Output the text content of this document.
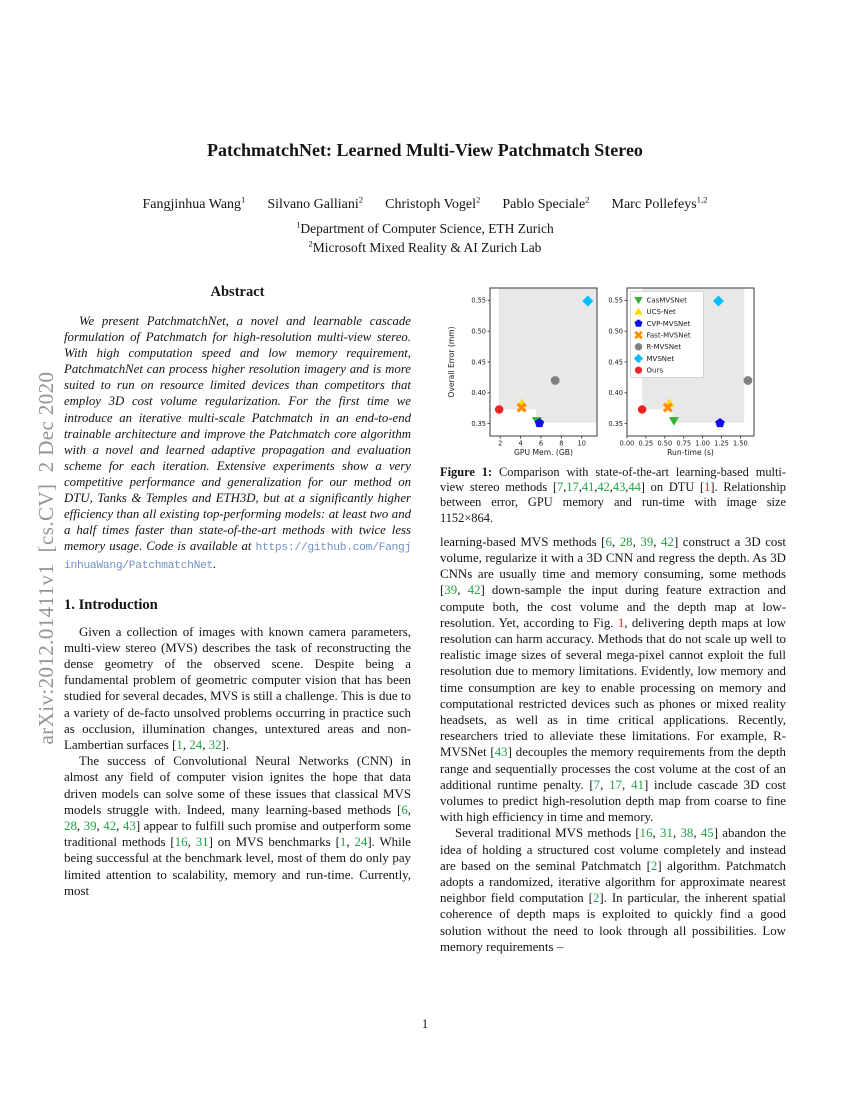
arXiv:2012.01411v1  [cs.CV]  2 Dec 2020
PatchmatchNet: Learned Multi-View Patchmatch Stereo
Fangjinhua Wang$^1$ Silvano Galliani$^2$ Christoph Vogel$^2$ Pablo Speciale$^2$ Marc Pollefeys$^{1,2}$
$^1$Department of Computer Science, ETH Zurich
$^2$Microsoft Mixed Reality & AI Zurich Lab
Abstract

We present PatchmatchNet, a novel and learnable cascade formulation of Patchmatch for high-resolution multi-view stereo. With high computation speed and low memory requirement, PatchmatchNet can process higher resolution imagery and is more suited to run on resource limited devices than competitors that employ 3D cost volume regularization. For the first time we introduce an iterative multi-scale Patchmatch in an end-to-end trainable architecture and improve the Patchmatch core algorithm with a novel and learned adaptive propagation and evaluation scheme for each iteration. Extensive experiments show a very competitive performance and generalization for our method on DTU, Tanks & Temples and ETH3D, but at a significantly higher efficiency than all existing top-performing models: at least two and a half times faster than state-of-the-art methods with twice less memory usage. Code is available at https://github.com/FangjinhuaWang/PatchmatchNet.

1. Introduction

Given a collection of images with known camera parameters, multi-view stereo (MVS) describes the task of reconstructing the dense geometry of the observed scene. Despite being a fundamental problem of geometric computer vision that has been studied for several decades, MVS is still a challenge. This is due to a variety of de-facto unsolved problems occurring in practice such as occlusion, illumination changes, untextured areas and non-Lambertian surfaces [1, 24, 32].

The success of Convolutional Neural Networks (CNN) in almost any field of computer vision ignites the hope that data driven models can solve some of these issues that classical MVS models struggle with. Indeed, many learning-based methods [6, 28, 39, 42, 43] appear to fulfill such promise and outperform some traditional methods [16, 31] on MVS benchmarks [1, 24]. While being successful at the benchmark level, most of them do only pay limited attention to scalability, memory and run-time. Currently, most

2 4 6 8 10
0.35
0.40
0.45
0.50
0.55
GPU Mem. (GB)
Overall Error (mm)
0.00 0.25 0.50 0.75 1.00 1.25 1.50
0.35
0.40
0.45
0.50
0.55
Run-time (s)
CasMVSNet
UCS-Net
CVP-MVSNet
Fast-MVSNet
R-MVSNet
MVSNet
Ours

Figure 1: Comparison with state-of-the-art learning-based multi-view stereo methods [7,17,41,42,43,44] on DTU [1]. Relationship between error, GPU memory and run-time with image size 1152×864.

learning-based MVS methods [6, 28, 39, 42] construct a 3D cost volume, regularize it with a 3D CNN and regress the depth. As 3D CNNs are usually time and memory consuming, some methods [39, 42] down-sample the input during feature extraction and compute both, the cost volume and the depth map at low-resolution. Yet, according to Fig. 1, delivering depth maps at low resolution can harm accuracy. Methods that do not scale up well to realistic image sizes of several mega-pixel cannot exploit the full resolution due to memory limitations. Evidently, low memory and time consumption are key to enable processing on memory and computational restricted devices such as phones or mixed reality headsets, as well as in time critical applications. Recently, researchers tried to alleviate these limitations. For example, R-MVSNet [43] decouples the memory requirements from the depth range and sequentially processes the cost volume at the cost of an additional runtime penalty. [7, 17, 41] include cascade 3D cost volumes to predict high-resolution depth map from coarse to fine with high efficiency in time and memory.

Several traditional MVS methods [16, 31, 38, 45] abandon the idea of holding a structured cost volume completely and instead are based on the seminal Patchmatch [2] algorithm. Patchmatch adopts a randomized, iterative algorithm for approximate nearest neighbor field computation [2]. In particular, the inherent spatial coherence of depth maps is exploited to quickly find a good solution without the need to look through all possibilities. Low memory requirements –

1
